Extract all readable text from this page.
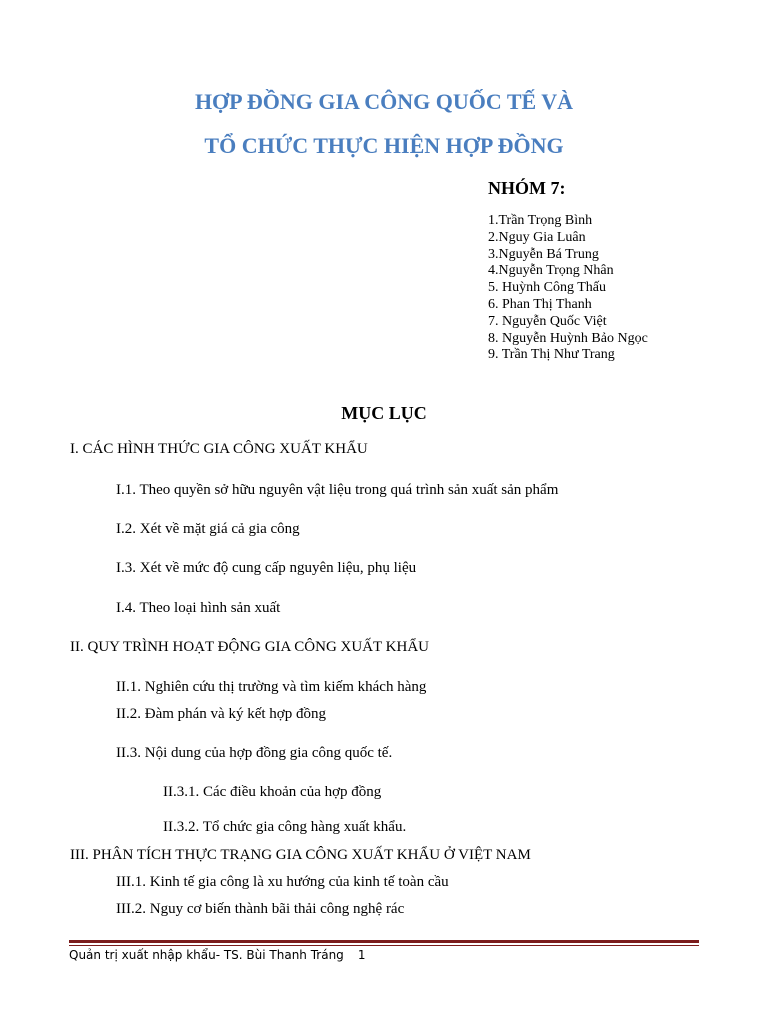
HỢP ĐỒNG GIA CÔNG QUỐC TẾ VÀ
TỔ CHỨC THỰC HIỆN HỢP ĐỒNG
NHÓM 7:
1.Trần Trọng Bình
2.Nguy Gia Luân
3.Nguyễn Bá Trung
4.Nguyễn Trọng Nhân
5. Huỳnh Công Thấu
6. Phan Thị Thanh
7. Nguyễn Quốc Việt
8. Nguyễn Huỳnh Bảo Ngọc
9. Trần Thị Như Trang
MỤC LỤC
I. CÁC HÌNH THỨC GIA CÔNG XUẤT KHẨU
I.1. Theo quyền sở hữu nguyên vật liệu trong quá trình sản xuất sản phẩm
I.2. Xét về mặt giá cả gia công
I.3. Xét về mức độ cung cấp nguyên liệu, phụ liệu
I.4. Theo loại hình sản xuất
II. QUY TRÌNH HOẠT ĐỘNG GIA CÔNG XUẤT KHẨU
II.1. Nghiên cứu thị trường và tìm kiếm khách hàng
II.2. Đàm phán và ký kết hợp đồng
II.3. Nội dung của hợp đồng gia công quốc tế.
II.3.1. Các điều khoản của hợp đồng
II.3.2. Tổ chức gia công hàng xuất khẩu.
III. PHÂN TÍCH THỰC TRẠNG GIA CÔNG XUẤT KHẨU Ở VIỆT NAM
III.1. Kinh tế gia công là xu hướng của kinh tế toàn cầu
III.2. Nguy cơ biến thành bãi thải công nghệ rác
Quản trị xuất nhập khẩu- TS. Bùi Thanh Tráng 1
